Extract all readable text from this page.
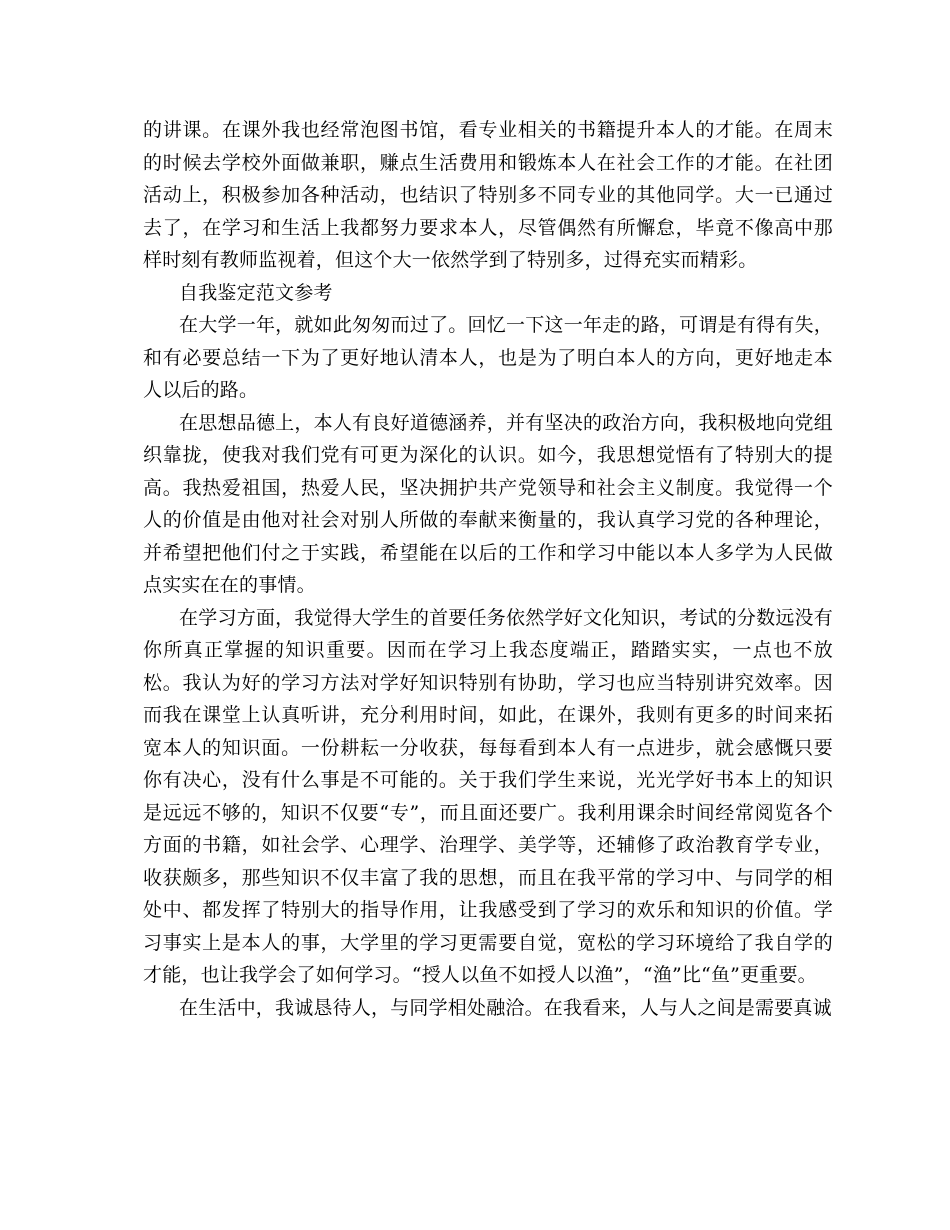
的讲课。在课外我也经常泡图书馆，看专业相关的书籍提升本人的才能。在周末的时候去学校外面做兼职，赚点生活费用和锻炼本人在社会工作的才能。在社团活动上，积极参加各种活动，也结识了特别多不同专业的其他同学。大一已通过去了，在学习和生活上我都努力要求本人，尽管偶然有所懈怠，毕竟不像高中那样时刻有教师监视着，但这个大一依然学到了特别多，过得充实而精彩。

自我鉴定范文参考

在大学一年，就如此匆匆而过了。回忆一下这一年走的路，可谓是有得有失，和有必要总结一下为了更好地认清本人，也是为了明白本人的方向，更好地走本人以后的路。

在思想品德上，本人有良好道德涵养，并有坚决的政治方向，我积极地向党组织靠拢，使我对我们党有可更为深化的认识。如今，我思想觉悟有了特别大的提高。我热爱祖国，热爱人民，坚决拥护共产党领导和社会主义制度。我觉得一个人的价值是由他对社会对别人所做的奉献来衡量的，我认真学习党的各种理论，并希望把他们付之于实践，希望能在以后的工作和学习中能以本人多学为人民做点实实在在的事情。

在学习方面，我觉得大学生的首要任务依然学好文化知识，考试的分数远没有你所真正掌握的知识重要。因而在学习上我态度端正，踏踏实实，一点也不放松。我认为好的学习方法对学好知识特别有协助，学习也应当特别讲究效率。因而我在课堂上认真听讲，充分利用时间，如此，在课外，我则有更多的时间来拓宽本人的知识面。一份耕耘一分收获，每每看到本人有一点进步，就会感慨只要你有决心，没有什么事是不可能的。关于我们学生来说，光光学好书本上的知识是远远不够的，知识不仅要“专”，而且面还要广。我利用课余时间经常阅览各个方面的书籍，如社会学、心理学、治理学、美学等，还辅修了政治教育学专业，收获颇多，那些知识不仅丰富了我的思想，而且在我平常的学习中、与同学的相处中、都发挥了特别大的指导作用，让我感受到了学习的欢乐和知识的价值。学习事实上是本人的事，大学里的学习更需要自觉，宽松的学习环境给了我自学的才能，也让我学会了如何学习。“授人以鱼不如授人以渔”，“渔”比“鱼”更重要。

在生活中，我诚恳待人，与同学相处融洽。在我看来，人与人之间是需要真诚
